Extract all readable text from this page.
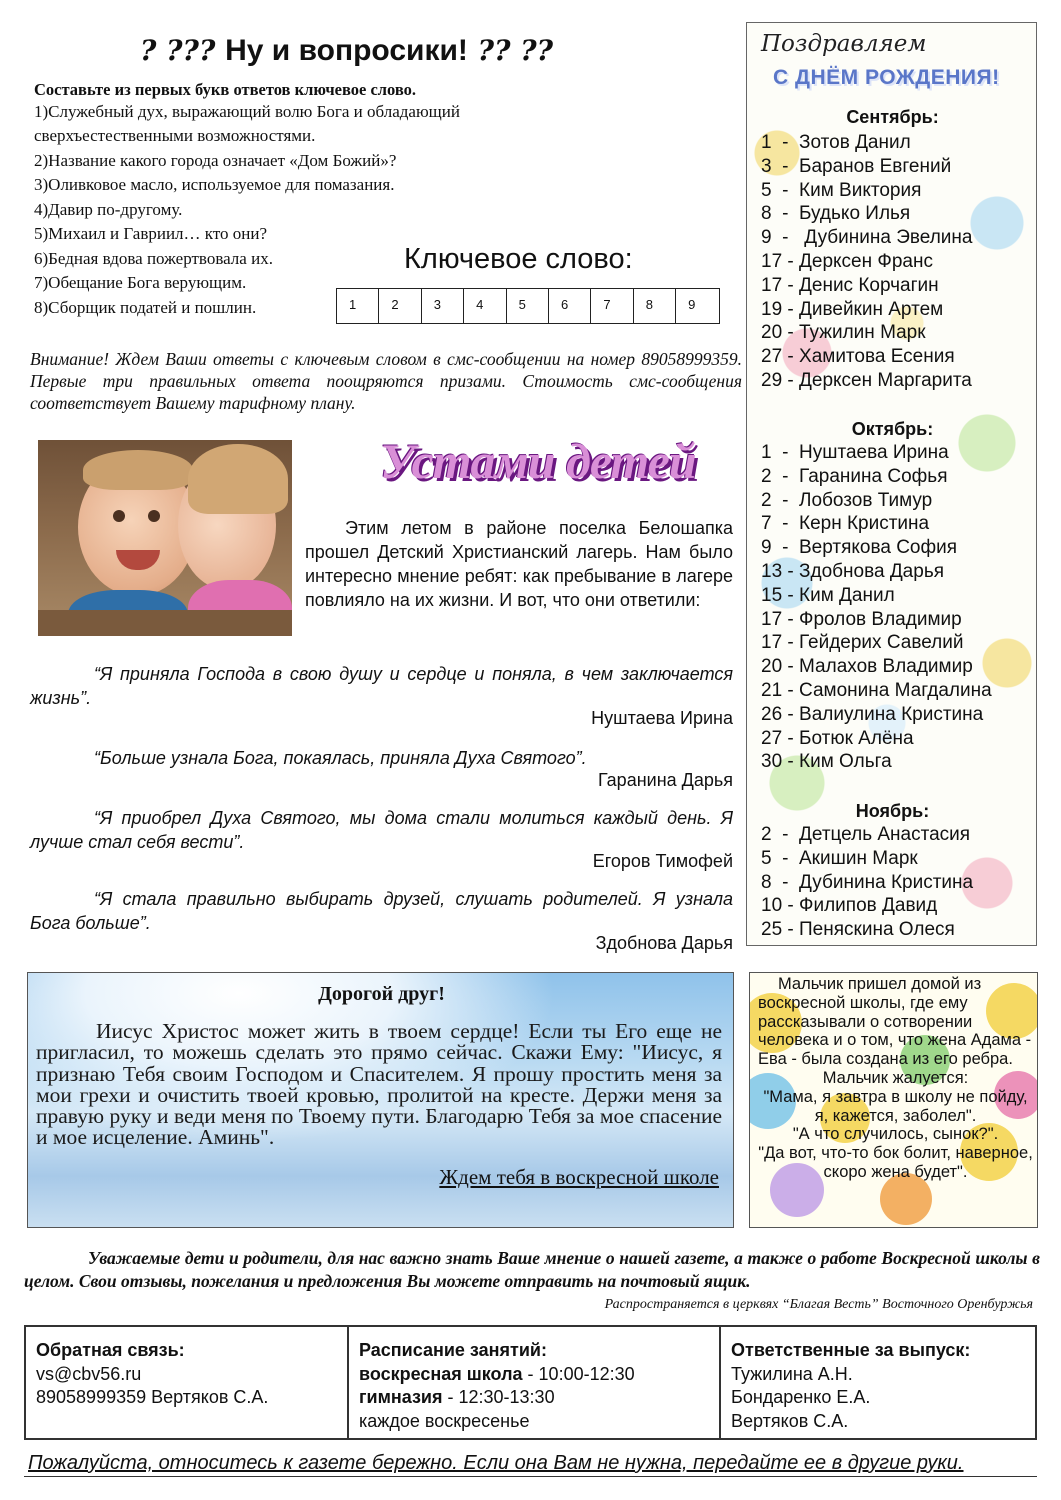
? ??? Ну и вопросики! ?? ??
Составьте из первых букв ответов ключевое слово.
1)Служебный дух, выражающий волю Бога и обладающий
сверхъестественными возможностями.
2)Название какого города означает «Дом Божий»?
3)Оливковое масло, используемое для помазания.
4)Давир по-другому.
5)Михаил и Гавриил… кто они?
6)Бедная вдова пожертвовала их.
7)Обещание Бога верующим.
8)Сборщик податей и пошлин.
Ключевое слово:
1	2	3	4	5	6	7	8	9
Внимание! Ждем Ваши ответы с ключевым словом в смс-сообщении на номер 89058999359. Первые три правильных ответа поощряются призами. Стоимость смс-сообщения соответствует Вашему тарифному плану.
Устами детей
Этим летом в районе поселка Белошапка прошел Детский Христианский лагерь. Нам было интересно мнение ребят: как пребывание в лагере повлияло на их жизни. И вот, что они ответили:
“Я приняла Господа в свою душу и сердце и поняла, в чем заключается жизнь”.
Нуштаева Ирина
“Больше узнала Бога, покаялась, приняла Духа Святого”.
Гаранина Дарья
“Я приобрел Духа Святого, мы дома стали молиться каждый день. Я лучше стал себя вести”.
Егоров Тимофей
“Я стала правильно выбирать друзей, слушать родителей. Я узнала Бога больше”.
Здобнова Дарья
Поздравляем
С ДНЁМ РОЖДЕНИЯ!
Сентябрь:
1  -  Зотов Данил
3  -  Баранов Евгений
5  -  Ким Виктория
8  -  Будько Илья
9  -   Дубинина Эвелина
17 - Дерксен Франс
17 - Денис Корчагин
19 - Дивейкин Артем
20 - Тужилин Марк
27 - Хамитова Есения
29 - Дерксен Маргарита
Октябрь:
1  -  Нуштаева Ирина
2  -  Гаранина Софья
2  -  Лобозов Тимур
7  -  Керн Кристина
9  -  Вертякова София
13 - Здобнова Дарья
15 - Ким Данил
17 - Фролов Владимир
17 - Гейдерих Савелий
20 - Малахов Владимир
21 - Самонина Магдалина
26 - Валиулина Кристина
27 - Ботюк Алёна
30 - Ким Ольга
Ноябрь:
2  -  Детцель Анастасия
5  -  Акишин Марк
8  -  Дубинина Кристина
10 - Филипов Давид
25 - Пеняскина Олеся
Дорогой друг!
Иисус Христос может жить в твоем сердце! Если ты Его еще не пригласил, то можешь сделать это прямо сейчас. Скажи Ему: "Иисус, я признаю Тебя своим Господом и Спасителем. Я прошу простить меня за мои грехи и очистить твоей кровью, пролитой на кресте. Держи меня за правую руку и веди меня по Твоему пути. Благодарю Тебя за мое спасение и мое исцеление. Аминь".
Ждем тебя в воскресной школе
Мальчик пришел домой из воскресной школы, где ему рассказывали о сотворении человека и о том, что жена Адама - Ева - была создана из его ребра.
Мальчик жалуется:
"Мама, я завтра в школу не пойду, я, кажется, заболел".
"А что случилось, сынок?".
"Да вот, что-то бок болит, наверное, скоро жена будет".
Уважаемые дети и родители, для нас важно знать Ваше мнение о нашей газете, а также о работе Воскресной школы в целом. Свои отзывы, пожелания и предложения Вы можете отправить на почтовый ящик.
Распространяется в церквях “Благая Весть” Восточного Оренбуржья
Обратная связь:
vs@cbv56.ru
89058999359 Вертяков С.А.
Расписание занятий:
воскресная школа - 10:00-12:30
гимназия - 12:30-13:30
каждое воскресенье
Ответственные за выпуск:
Тужилина А.Н.
Бондаренко Е.А.
Вертяков С.А.
Пожалуйста, относитесь к газете бережно. Если она Вам не нужна, передайте ее в другие руки.
